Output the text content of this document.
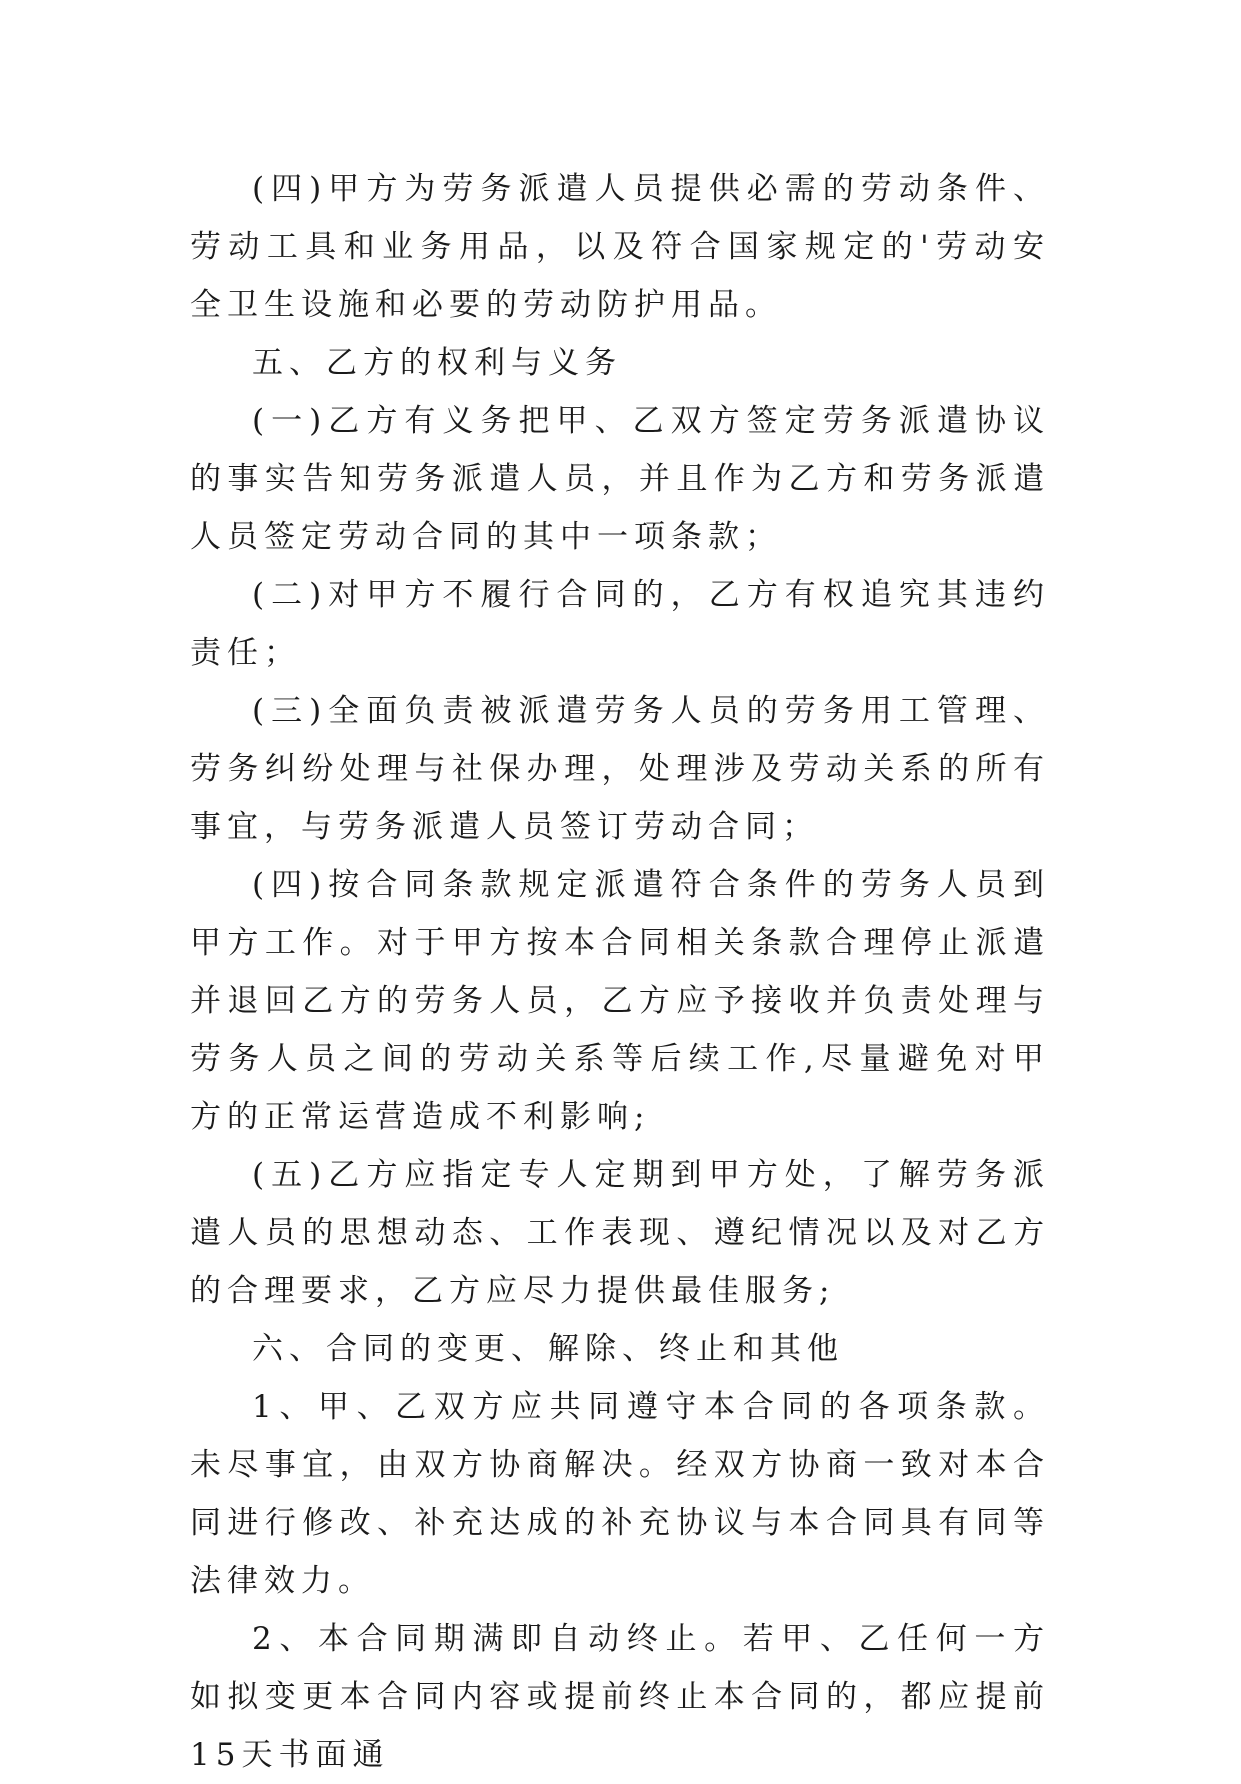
(四)甲方为劳务派遣人员提供必需的劳动条件、劳动工具和业务用品，以及符合国家规定的'劳动安全卫生设施和必要的劳动防护用品。

五、乙方的权利与义务

(一)乙方有义务把甲、乙双方签定劳务派遣协议的事实告知劳务派遣人员，并且作为乙方和劳务派遣人员签定劳动合同的其中一项条款；

(二)对甲方不履行合同的，乙方有权追究其违约责任；

(三)全面负责被派遣劳务人员的劳务用工管理、劳务纠纷处理与社保办理，处理涉及劳动关系的所有事宜，与劳务派遣人员签订劳动合同；

(四)按合同条款规定派遣符合条件的劳务人员到甲方工作。对于甲方按本合同相关条款合理停止派遣并退回乙方的劳务人员，乙方应予接收并负责处理与劳务人员之间的劳动关系等后续工作,尽量避免对甲方的正常运营造成不利影响;

(五)乙方应指定专人定期到甲方处，了解劳务派遣人员的思想动态、工作表现、遵纪情况以及对乙方的合理要求，乙方应尽力提供最佳服务;

六、合同的变更、解除、终止和其他

1、甲、乙双方应共同遵守本合同的各项条款。未尽事宜，由双方协商解决。经双方协商一致对本合同进行修改、补充达成的补充协议与本合同具有同等法律效力。

2、本合同期满即自动终止。若甲、乙任何一方如拟变更本合同内容或提前终止本合同的，都应提前15天书面通
